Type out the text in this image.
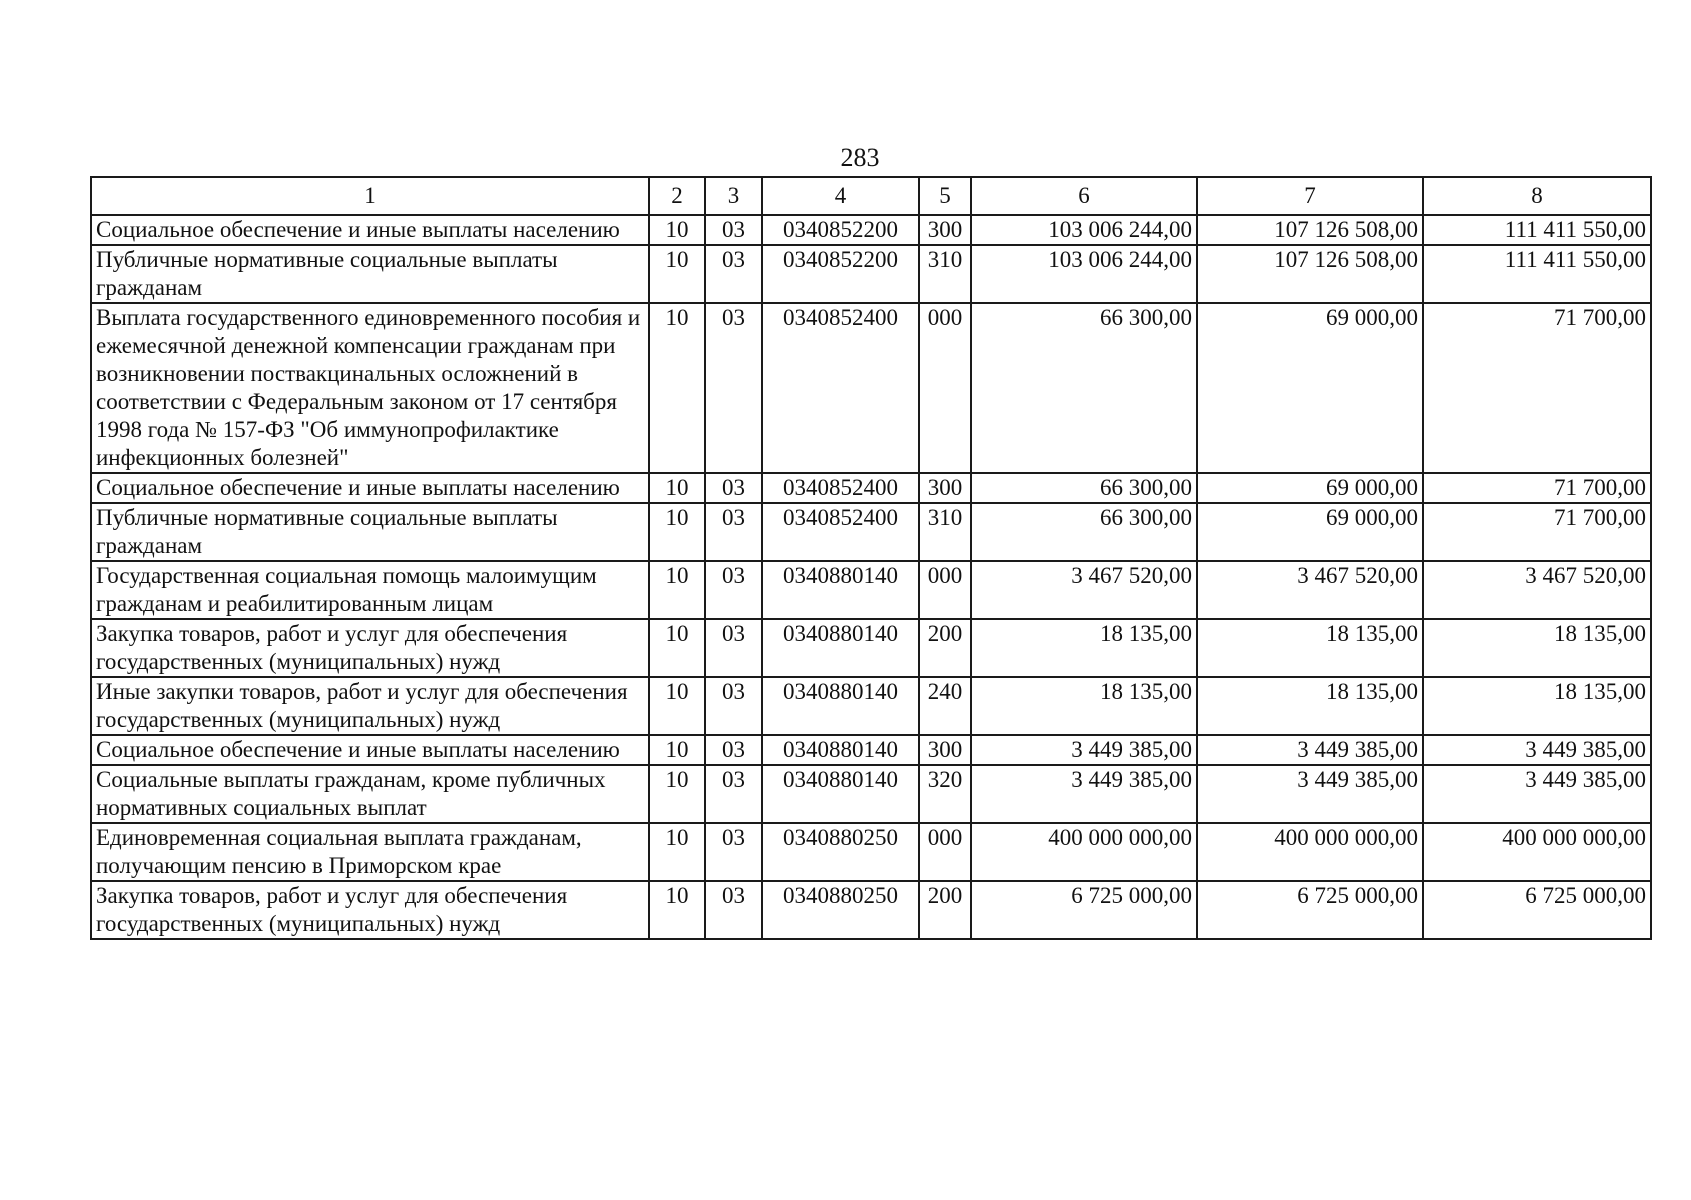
283
1	2	3	4	5	6	7	8
Социальное обеспечение и иные выплаты населению	10	03	0340852200	300	103 006 244,00	107 126 508,00	111 411 550,00
Публичные нормативные социальные выплаты гражданам	10	03	0340852200	310	103 006 244,00	107 126 508,00	111 411 550,00
Выплата государственного единовременного пособия и ежемесячной денежной компенсации гражданам при возникновении поствакцинальных осложнений в соответствии с Федеральным законом от 17 сентября 1998 года № 157-ФЗ "Об иммунопрофилактике инфекционных болезней"	10	03	0340852400	000	66 300,00	69 000,00	71 700,00
Социальное обеспечение и иные выплаты населению	10	03	0340852400	300	66 300,00	69 000,00	71 700,00
Публичные нормативные социальные выплаты гражданам	10	03	0340852400	310	66 300,00	69 000,00	71 700,00
Государственная социальная помощь малоимущим гражданам и реабилитированным лицам	10	03	0340880140	000	3 467 520,00	3 467 520,00	3 467 520,00
Закупка товаров, работ и услуг для обеспечения государственных (муниципальных) нужд	10	03	0340880140	200	18 135,00	18 135,00	18 135,00
Иные закупки товаров, работ и услуг для обеспечения государственных (муниципальных) нужд	10	03	0340880140	240	18 135,00	18 135,00	18 135,00
Социальное обеспечение и иные выплаты населению	10	03	0340880140	300	3 449 385,00	3 449 385,00	3 449 385,00
Социальные выплаты гражданам, кроме публичных нормативных социальных выплат	10	03	0340880140	320	3 449 385,00	3 449 385,00	3 449 385,00
Единовременная социальная выплата гражданам, получающим пенсию в Приморском крае	10	03	0340880250	000	400 000 000,00	400 000 000,00	400 000 000,00
Закупка товаров, работ и услуг для обеспечения государственных (муниципальных) нужд	10	03	0340880250	200	6 725 000,00	6 725 000,00	6 725 000,00
